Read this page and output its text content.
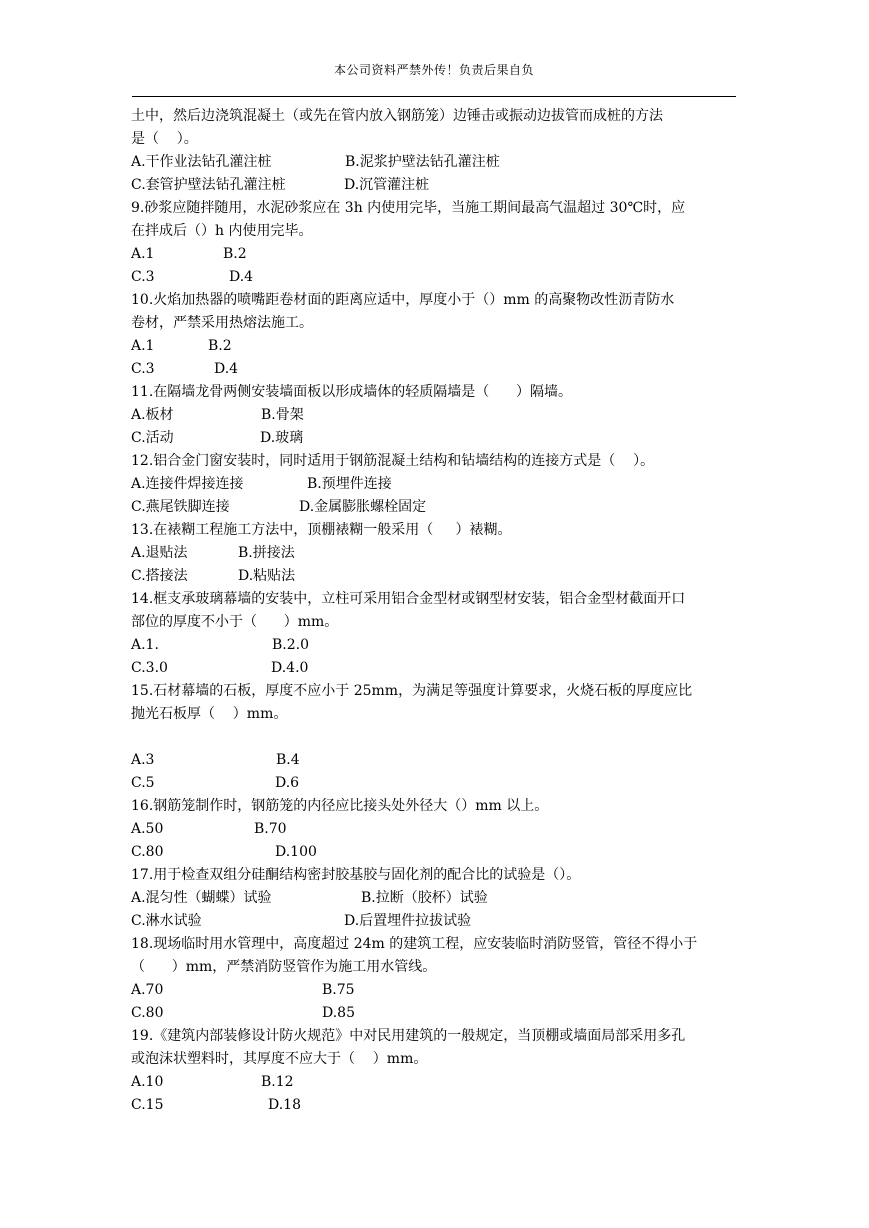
本公司资料严禁外传！负责后果自负
土中，然后边浇筑混凝土（或先在管内放入钢筋笼）边锤击或振动边拔管而成桩的方法
是（    ）。

A.干作业法钻孔灌注桩

	B.泥浆护壁法钻孔灌注桩

C.套管护壁法钻孔灌注桩

	D.沉管灌注桩

9.砂浆应随拌随用，水泥砂浆应在 3h 内使用完毕，当施工期间最高气温超过 30℃时，应
在拌成后（）h 内使用完毕。

A.1

	B.2

C.3

	D.4

10.火焰加热器的喷嘴距卷材面的距离应适中，厚度小于（）mm 的高聚物改性沥青防水
卷材，严禁采用热熔法施工。

A.1

	B.2

C.3

	D.4

11.在隔墙龙骨两侧安装墙面板以形成墙体的轻质隔墙是（      ）隔墙。

A.板材

	B.骨架

C.活动

	D.玻璃

12.铝合金门窗安装时，同时适用于钢筋混凝土结构和钻墙结构的连接方式是（    ）。

A.连接件焊接连接

	B.预埋件连接

C.燕尾铁脚连接

	D.金属膨胀螺栓固定

13.在裱糊工程施工方法中，顶棚裱糊一般采用（     ）裱糊。

A.退贴法

	B.拼接法

C.搭接法

	D.粘贴法

14.框支承玻璃幕墙的安装中，立柱可采用铝合金型材或钢型材安装，铝合金型材截面开口
部位的厚度不小于（      ）mm。

A.1.

	B.2.0

C.3.0

	D.4.0

15.石材幕墙的石板，厚度不应小于 25mm，为满足等强度计算要求，火烧石板的厚度应比
抛光石板厚（    ）mm。

A.3

	B.4

C.5

	D.6

16.钢筋笼制作时，钢筋笼的内径应比接头处外径大（）mm 以上。

A.50

	B.70

C.80

	D.100

17.用于检查双组分硅酮结构密封胶基胶与固化剂的配合比的试验是（）。

A.混匀性（蝴蝶）试验

	B.拉断（胶杯）试验

C.淋水试验

	D.后置埋件拉拔试验

18.现场临时用水管理中，高度超过 24m 的建筑工程，应安装临时消防竖管，管径不得小于
（      ）mm，严禁消防竖管作为施工用水管线。

A.70

	B.75

C.80

	D.85

19.《建筑内部装修设计防火规范》中对民用建筑的一般规定，当顶棚或墙面局部采用多孔
或泡沫状塑料时，其厚度不应大于（    ）mm。

A.10

	B.12

C.15

	D.18
